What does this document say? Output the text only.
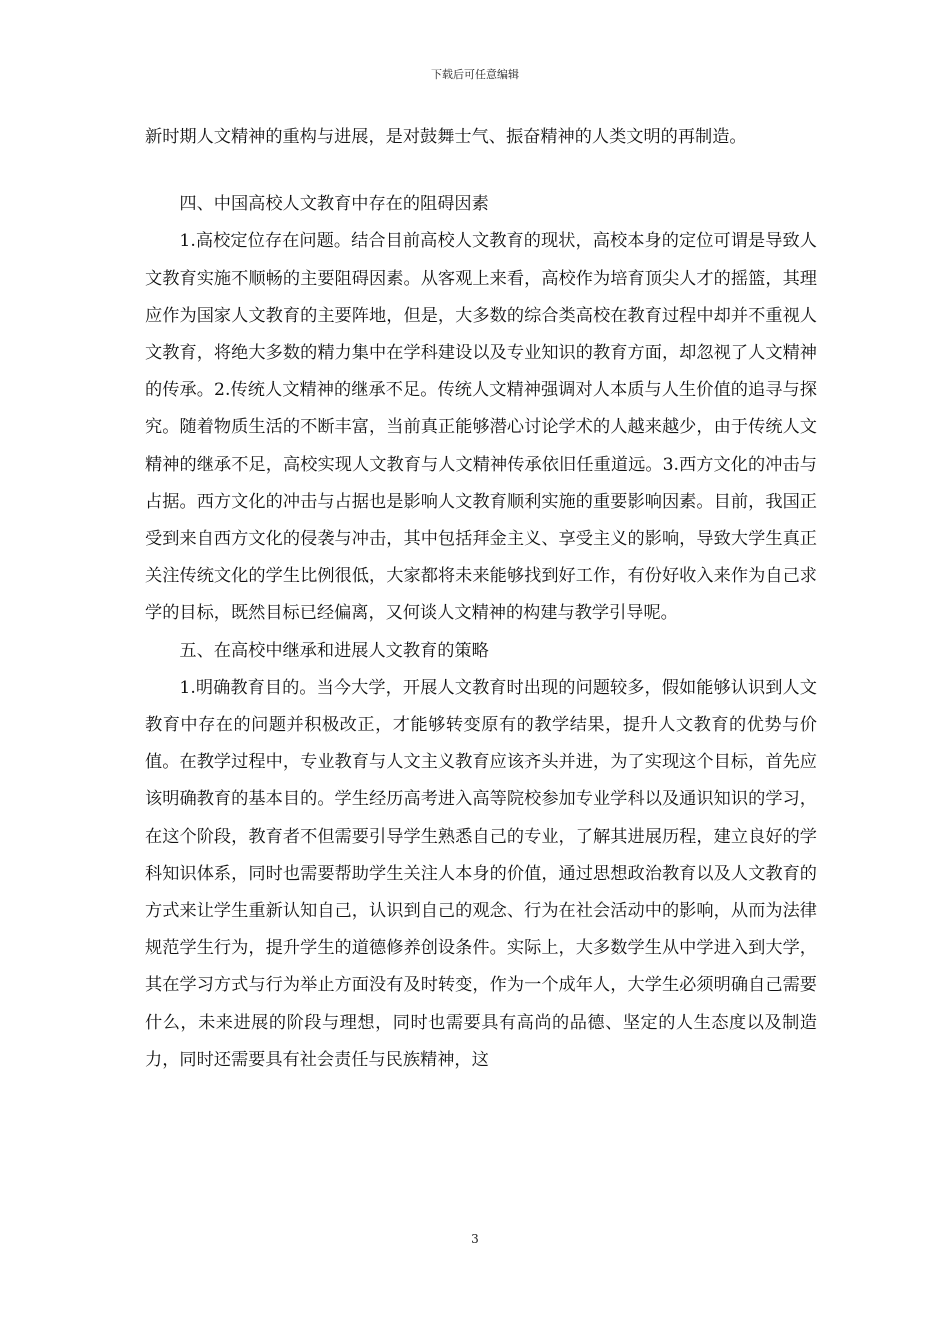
下载后可任意编辑

新时期人文精神的重构与进展，是对鼓舞士气、振奋精神的人类文明的再制造。

四、中国高校人文教育中存在的阻碍因素

1.高校定位存在问题。结合目前高校人文教育的现状，高校本身的定位可谓是导致人文教育实施不顺畅的主要阻碍因素。从客观上来看，高校作为培育顶尖人才的摇篮，其理应作为国家人文教育的主要阵地，但是，大多数的综合类高校在教育过程中却并不重视人文教育，将绝大多数的精力集中在学科建设以及专业知识的教育方面，却忽视了人文精神的传承。2.传统人文精神的继承不足。传统人文精神强调对人本质与人生价值的追寻与探究。随着物质生活的不断丰富，当前真正能够潜心讨论学术的人越来越少，由于传统人文精神的继承不足，高校实现人文教育与人文精神传承依旧任重道远。3.西方文化的冲击与占据。西方文化的冲击与占据也是影响人文教育顺利实施的重要影响因素。目前，我国正受到来自西方文化的侵袭与冲击，其中包括拜金主义、享受主义的影响，导致大学生真正关注传统文化的学生比例很低，大家都将未来能够找到好工作，有份好收入来作为自己求学的目标，既然目标已经偏离，又何谈人文精神的构建与教学引导呢。

五、在高校中继承和进展人文教育的策略

1.明确教育目的。当今大学，开展人文教育时出现的问题较多，假如能够认识到人文教育中存在的问题并积极改正，才能够转变原有的教学结果，提升人文教育的优势与价值。在教学过程中，专业教育与人文主义教育应该齐头并进，为了实现这个目标，首先应该明确教育的基本目的。学生经历高考进入高等院校参加专业学科以及通识知识的学习，在这个阶段，教育者不但需要引导学生熟悉自己的专业，了解其进展历程，建立良好的学科知识体系，同时也需要帮助学生关注人本身的价值，通过思想政治教育以及人文教育的方式来让学生重新认知自己，认识到自己的观念、行为在社会活动中的影响，从而为法律规范学生行为，提升学生的道德修养创设条件。实际上，大多数学生从中学进入到大学，其在学习方式与行为举止方面没有及时转变，作为一个成年人，大学生必须明确自己需要什么，未来进展的阶段与理想，同时也需要具有高尚的品德、坚定的人生态度以及制造力，同时还需要具有社会责任与民族精神，这

3
